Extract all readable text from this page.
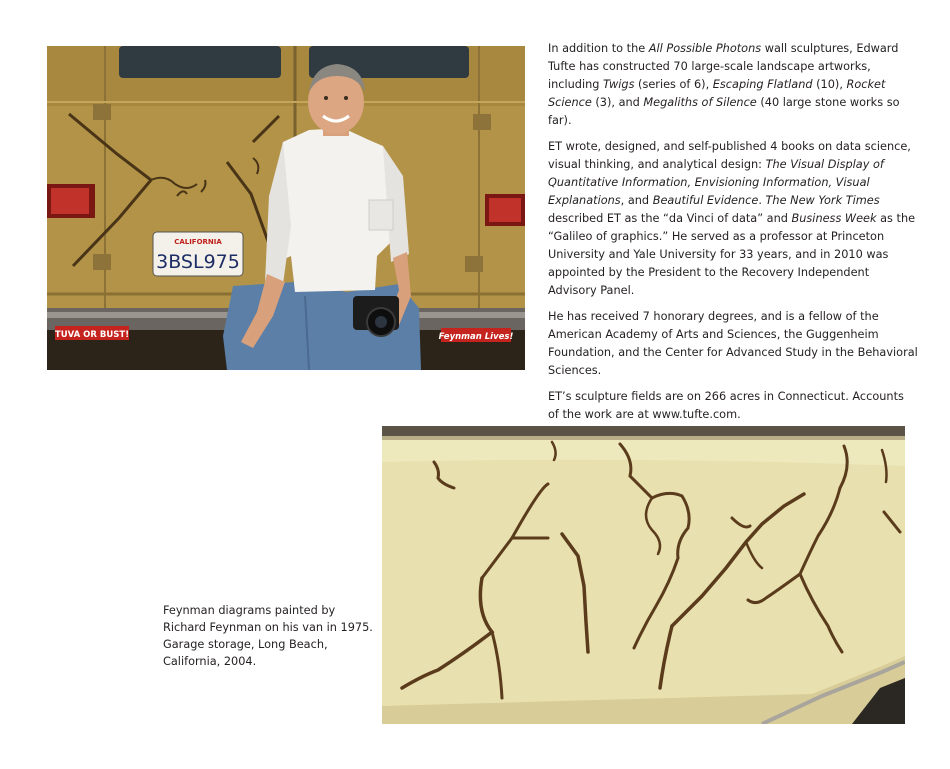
CALIFORNIA
3BSL975
TUVA OR BUST!	Feynman Lives!

In addition to the All Possible Photons wall sculptures, Edward Tufte has constructed 70 large-scale landscape artworks, including Twigs (series of 6), Escaping Flatland (10), Rocket Science (3), and Megaliths of Silence (40 large stone works so far).

ET wrote, designed, and self-published 4 books on data science, visual thinking, and analytical design: The Visual Display of Quantitative Information, Envisioning Information, Visual Explanations, and Beautiful Evidence. The New York Times described ET as the “da Vinci of data” and Business Week as the “Galileo of graphics.” He served as a professor at Princeton University and Yale University for 33 years, and in 2010 was appointed by the President to the Recovery Independent Advisory Panel.

He has received 7 honorary degrees, and is a fellow of the American Academy of Arts and Sciences, the Guggenheim Foundation, and the Center for Advanced Study in the Behavioral Sciences.

ET’s sculpture fields are on 266 acres in Connecticut. Accounts of the work are at www.tufte.com.

Feynman diagrams painted by Richard Feynman on his van in 1975. Garage storage, Long Beach, California, 2004.
